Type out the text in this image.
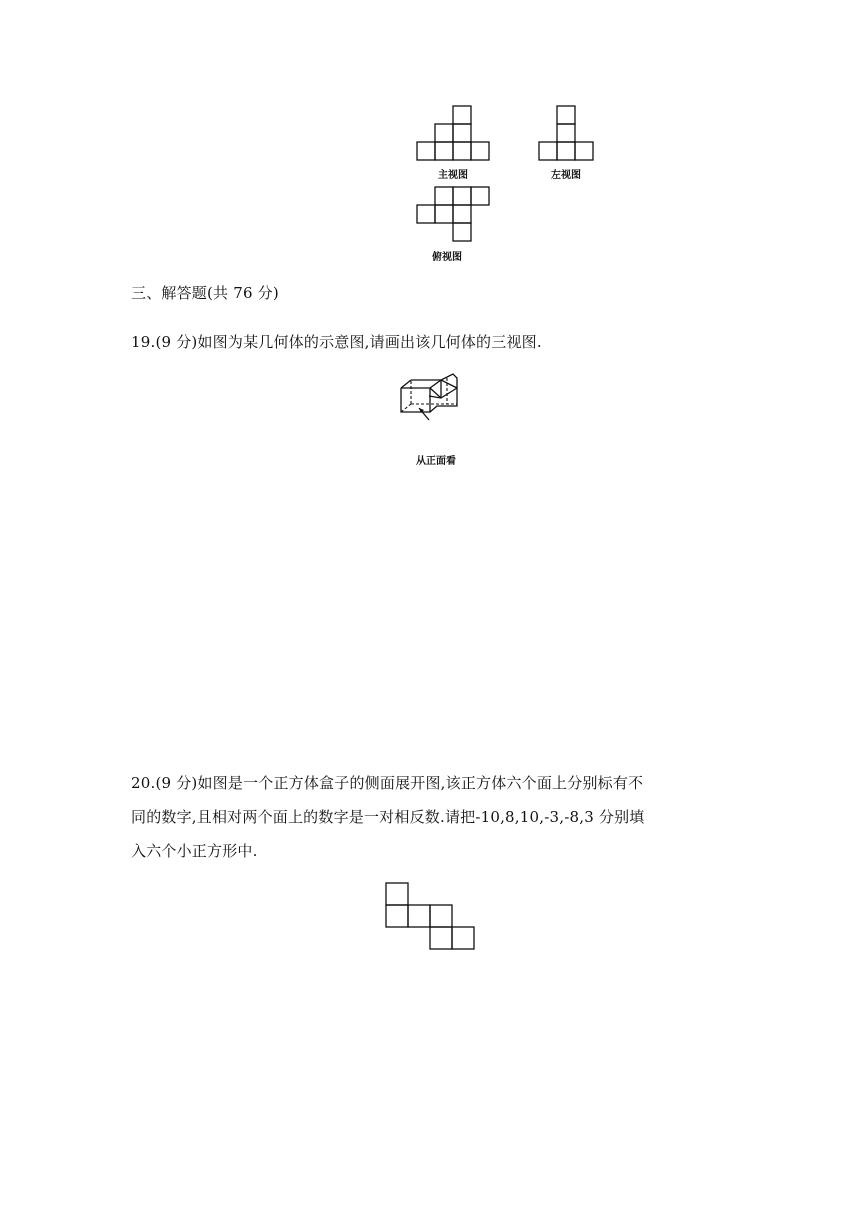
主视图	左视图
俯视图
三、解答题(共 76 分)
19.(9 分)如图为某几何体的示意图,请画出该几何体的三视图.
从正面看
20.(9 分)如图是一个正方体盒子的侧面展开图,该正方体六个面上分别标有不
同的数字,且相对两个面上的数字是一对相反数.请把-10,8,10,-3,-8,3 分别填
入六个小正方形中.
